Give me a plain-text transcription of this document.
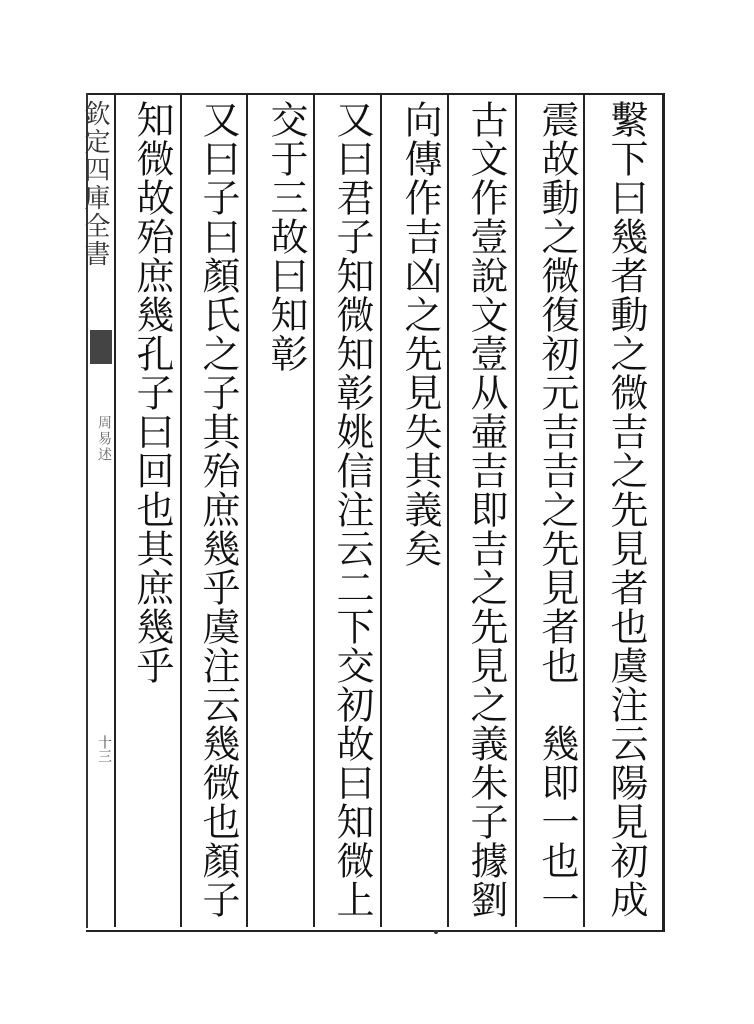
欽定四庫全書
周易述
十三	繫下曰幾者動之微吉之先見者也虞注云陽見初成
震故動之微復初元吉吉之先見者也　幾即一也一
古文作壹說文壹从壷吉即吉之先見之義朱子據劉
向傳作吉凶之先見失其義矣
又曰君子知微知彰姚信注云二下交初故曰知微上
交于三故曰知彰
又曰子曰顏氏之子其殆庶幾乎虞注云幾微也顏子
知微故殆庶幾孔子曰回也其庶幾乎
